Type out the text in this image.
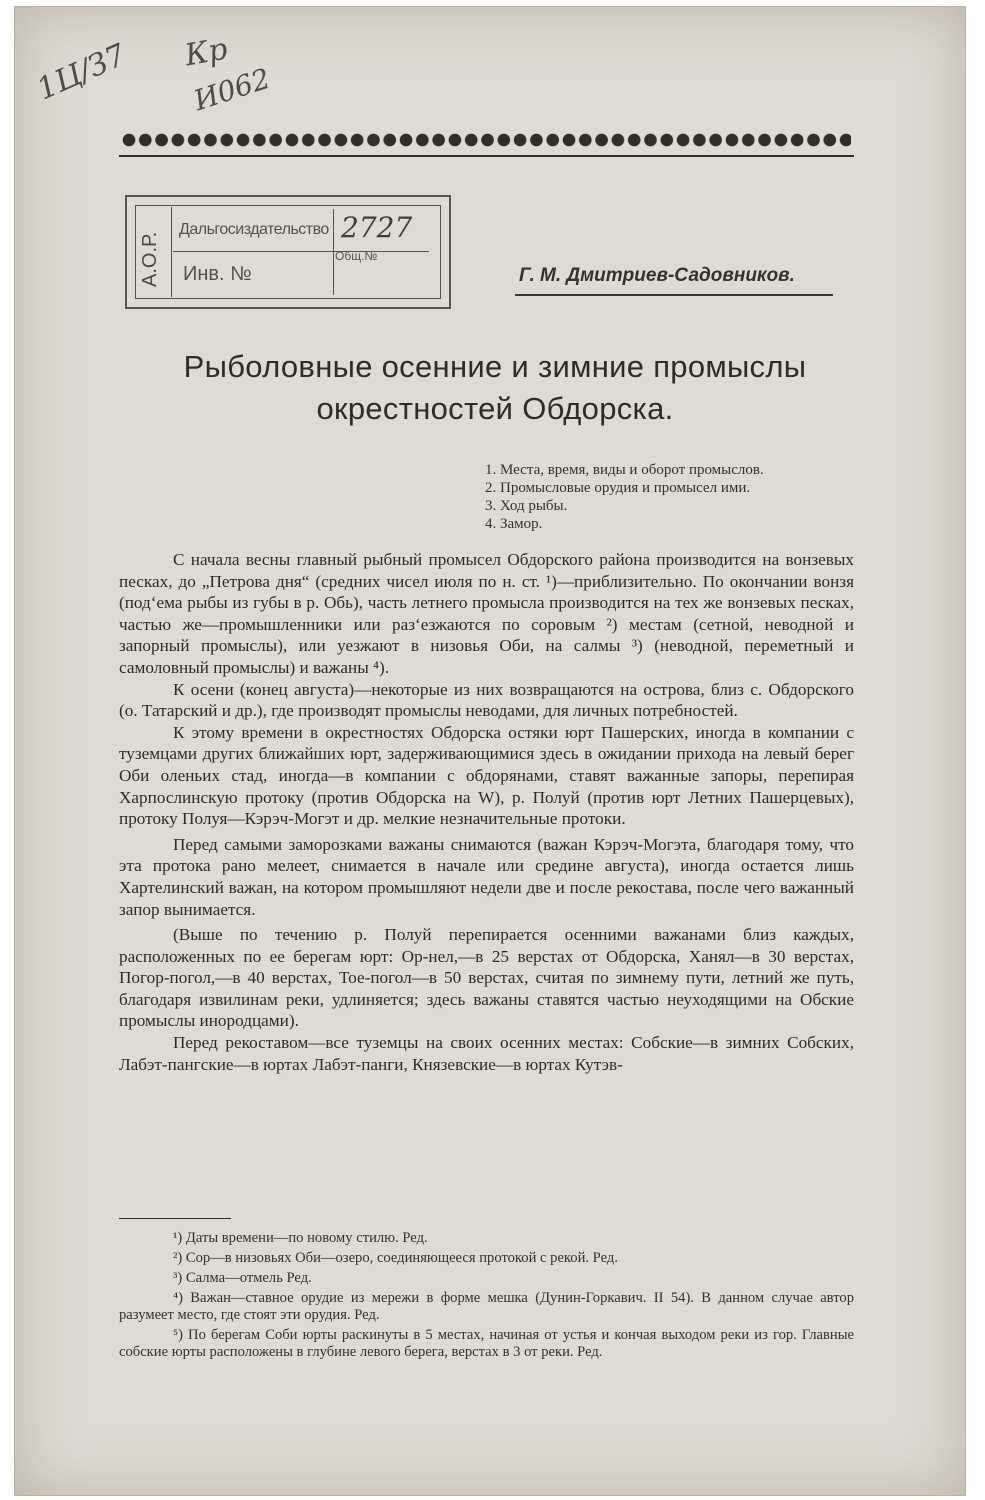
1Ц/З7 Кр
И062
А.О.Р.
Дальгосиздательство
Общ.№
2727
Инв. №	Г. М. Дмитриев-Садовников.
Рыболовные осенние и зимние промыслы
окрестностей Обдорска.
1. Места, время, виды и оборот промыслов.
2. Промысловые орудия и промысел ими.
3. Ход рыбы.
4. Замор.

С начала весны главный рыбный промысел Обдорского района производится на вонзевых песках, до „Петрова дня“ (средних чисел июля по н. ст. ¹)—приблизительно. По окончании вонзя (под‘ема рыбы из губы в р. Обь), часть летнего промысла производится на тех же вонзевых песках, частью же—промышленники или раз‘езжаются по соровым ²) местам (сетной, неводной и запорный промыслы), или уезжают в низовья Оби, на салмы ³) (неводной, переметный и самоловный промыслы) и важаны ⁴).

К осени (конец августа)—некоторые из них возвращаются на острова, близ с. Обдорского (о. Татарский и др.), где производят промыслы неводами, для личных потребностей.

К этому времени в окрестностях Обдорска остяки юрт Пашерских, иногда в компании с туземцами других ближайших юрт, задерживающимися здесь в ожидании прихода на левый берег Оби оленьих стад, иногда—в компании с обдорянами, ставят важанные запоры, перепирая Харпослинскую протоку (против Обдорска на W), р. Полуй (против юрт Летних Пашерцевых), протоку Полуя—Кэрэч-Могэт и др. мелкие незначительные протоки.

Перед самыми заморозками важаны снимаются (важан Кэрэч-Могэта, благодаря тому, что эта протока рано мелеет, снимается в начале или средине августа), иногда остается лишь Хартелинский важан, на котором промышляют недели две и после рекостава, после чего важанный запор вынимается.

(Выше по течению р. Полуй перепирается осенними важанами близ каждых, расположенных по ее берегам юрт: Ор-нел,—в 25 верстах от Обдорска, Ханял—в 30 верстах, Погор-погол,—в 40 верстах, Тое-погол—в 50 верстах, считая по зимнему пути, летний же путь, благодаря извилинам реки, удлиняется; здесь важаны ставятся частью неуходящими на Обские промыслы инородцами).

Перед рекоставом—все туземцы на своих осенних местах: Собские—в зимних Собских, Лабэт-пангские—в юртах Лабэт-панги, Князевские—в юртах Кутэв-

¹) Даты времени—по новому стилю. Ред.

²) Сор—в низовьях Оби—озеро, соединяющееся протокой с рекой. Ред.

³) Салма—отмель Ред.

⁴) Важан—ставное орудие из мережи в форме мешка (Дунин-Горкавич. II 54). В данном случае автор разумеет место, где стоят эти орудия. Ред.

⁵) По берегам Соби юрты раскинуты в 5 местах, начиная от устья и кончая выходом реки из гор. Главные собские юрты расположены в глубине левого берега, верстах в 3 от реки. Ред.
